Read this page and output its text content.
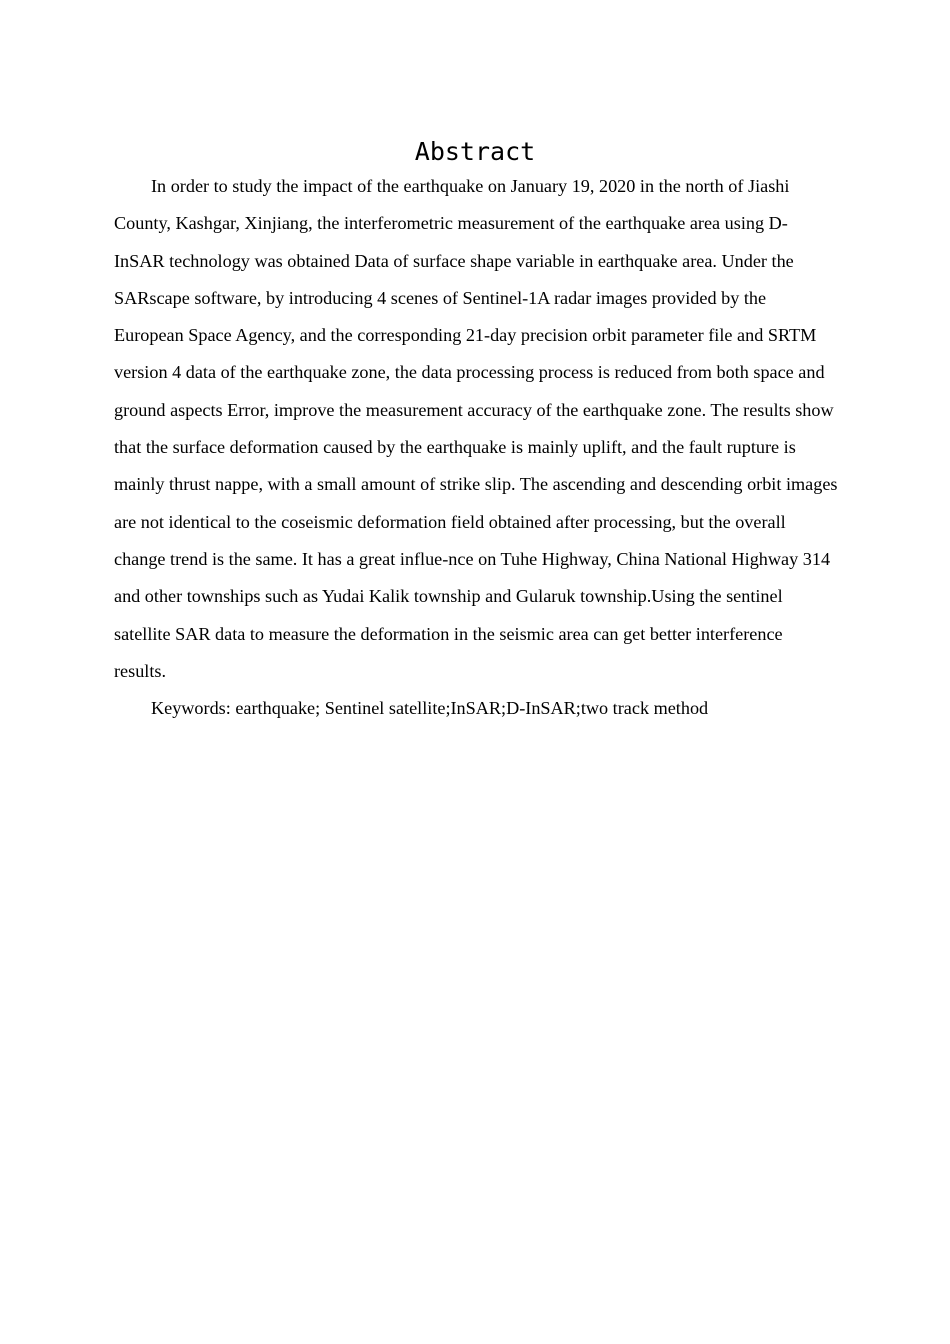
Abstract

In order to study the impact of the earthquake on January 19, 2020 in the north of Jiashi County, Kashgar, Xinjiang, the interferometric measurement of the earthquake area using D-InSAR technology was obtained Data of surface shape variable in earthquake area. Under the SARscape software, by introducing 4 scenes of Sentinel-1A radar images provided by the European Space Agency, and the corresponding 21-day precision orbit parameter file and SRTM version 4 data of the earthquake zone, the data processing process is reduced from both space and ground aspects Error, improve the measurement accuracy of the earthquake zone. The results show that the surface deformation caused by the earthquake is mainly uplift, and the fault rupture is mainly thrust nappe, with a small amount of strike slip. The ascending and descending orbit images are not identical to the coseismic deformation field obtained after processing, but the overall change trend is the same. It has a great influe-nce on Tuhe Highway, China National Highway 314 and other townships such as Yudai Kalik township and Gularuk township.Using the sentinel satellite SAR data to measure the deformation in the seismic area can get better interference results.

Keywords: earthquake; Sentinel satellite;InSAR;D-InSAR;two track method
